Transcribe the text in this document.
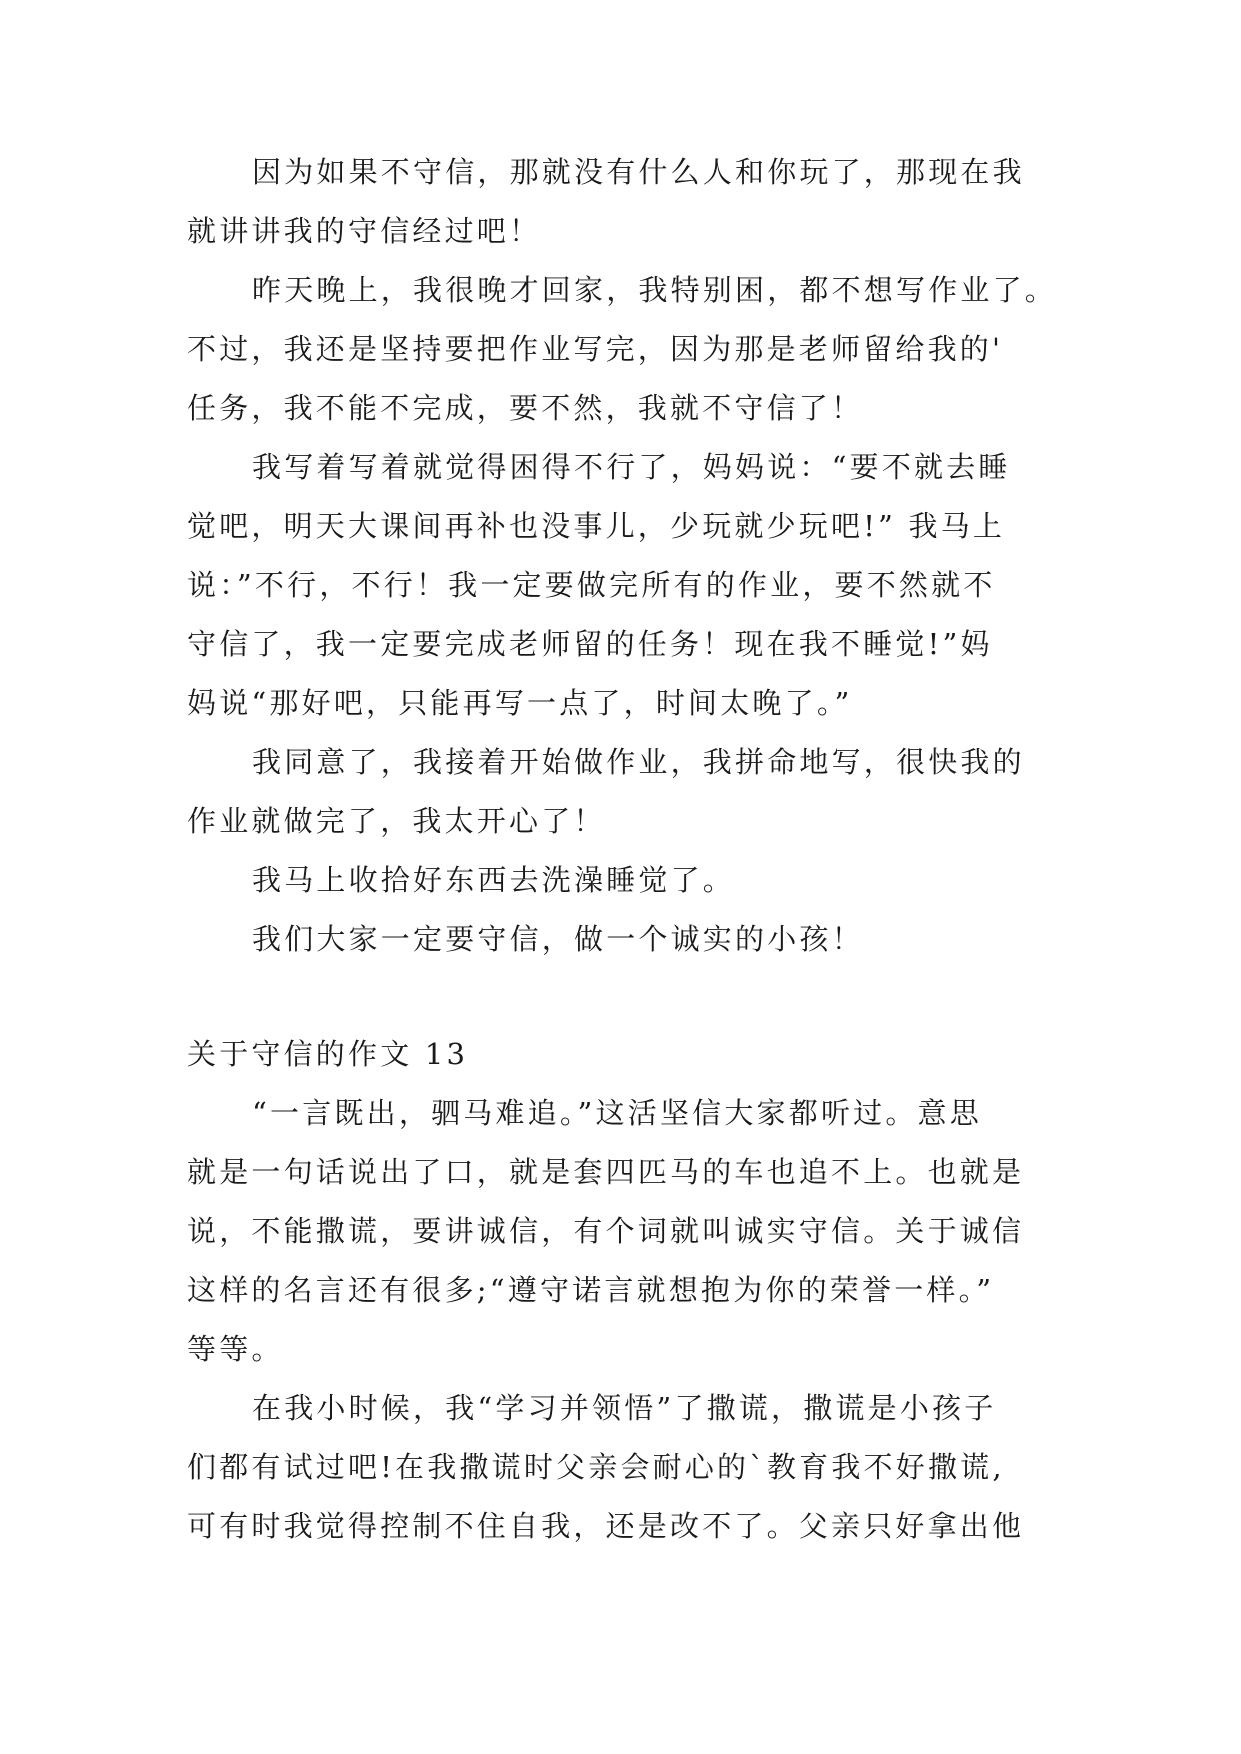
因为如果不守信，那就没有什么人和你玩了，那现在我
就讲讲我的守信经过吧！
昨天晚上，我很晚才回家，我特别困，都不想写作业了。
不过，我还是坚持要把作业写完，因为那是老师留给我的'
任务，我不能不完成，要不然，我就不守信了！
我写着写着就觉得困得不行了，妈妈说：“要不就去睡
觉吧，明天大课间再补也没事儿，少玩就少玩吧!” 我马上
说：”不行，不行！我一定要做完所有的作业，要不然就不
守信了，我一定要完成老师留的任务！现在我不睡觉!”妈
妈说“那好吧，只能再写一点了，时间太晚了。”
我同意了，我接着开始做作业，我拼命地写，很快我的
作业就做完了，我太开心了！
我马上收拾好东西去洗澡睡觉了。
我们大家一定要守信，做一个诚实的小孩！
关于守信的作文 13
“一言既出，驷马难追。”这活坚信大家都听过。意思
就是一句话说出了口，就是套四匹马的车也追不上。也就是
说，不能撒谎，要讲诚信，有个词就叫诚实守信。关于诚信
这样的名言还有很多;“遵守诺言就想抱为你的荣誉一样。”
等等。
在我小时候，我“学习并领悟”了撒谎，撒谎是小孩子
们都有试过吧!在我撒谎时父亲会耐心的`教育我不好撒谎,
可有时我觉得控制不住自我，还是改不了。父亲只好拿出他
